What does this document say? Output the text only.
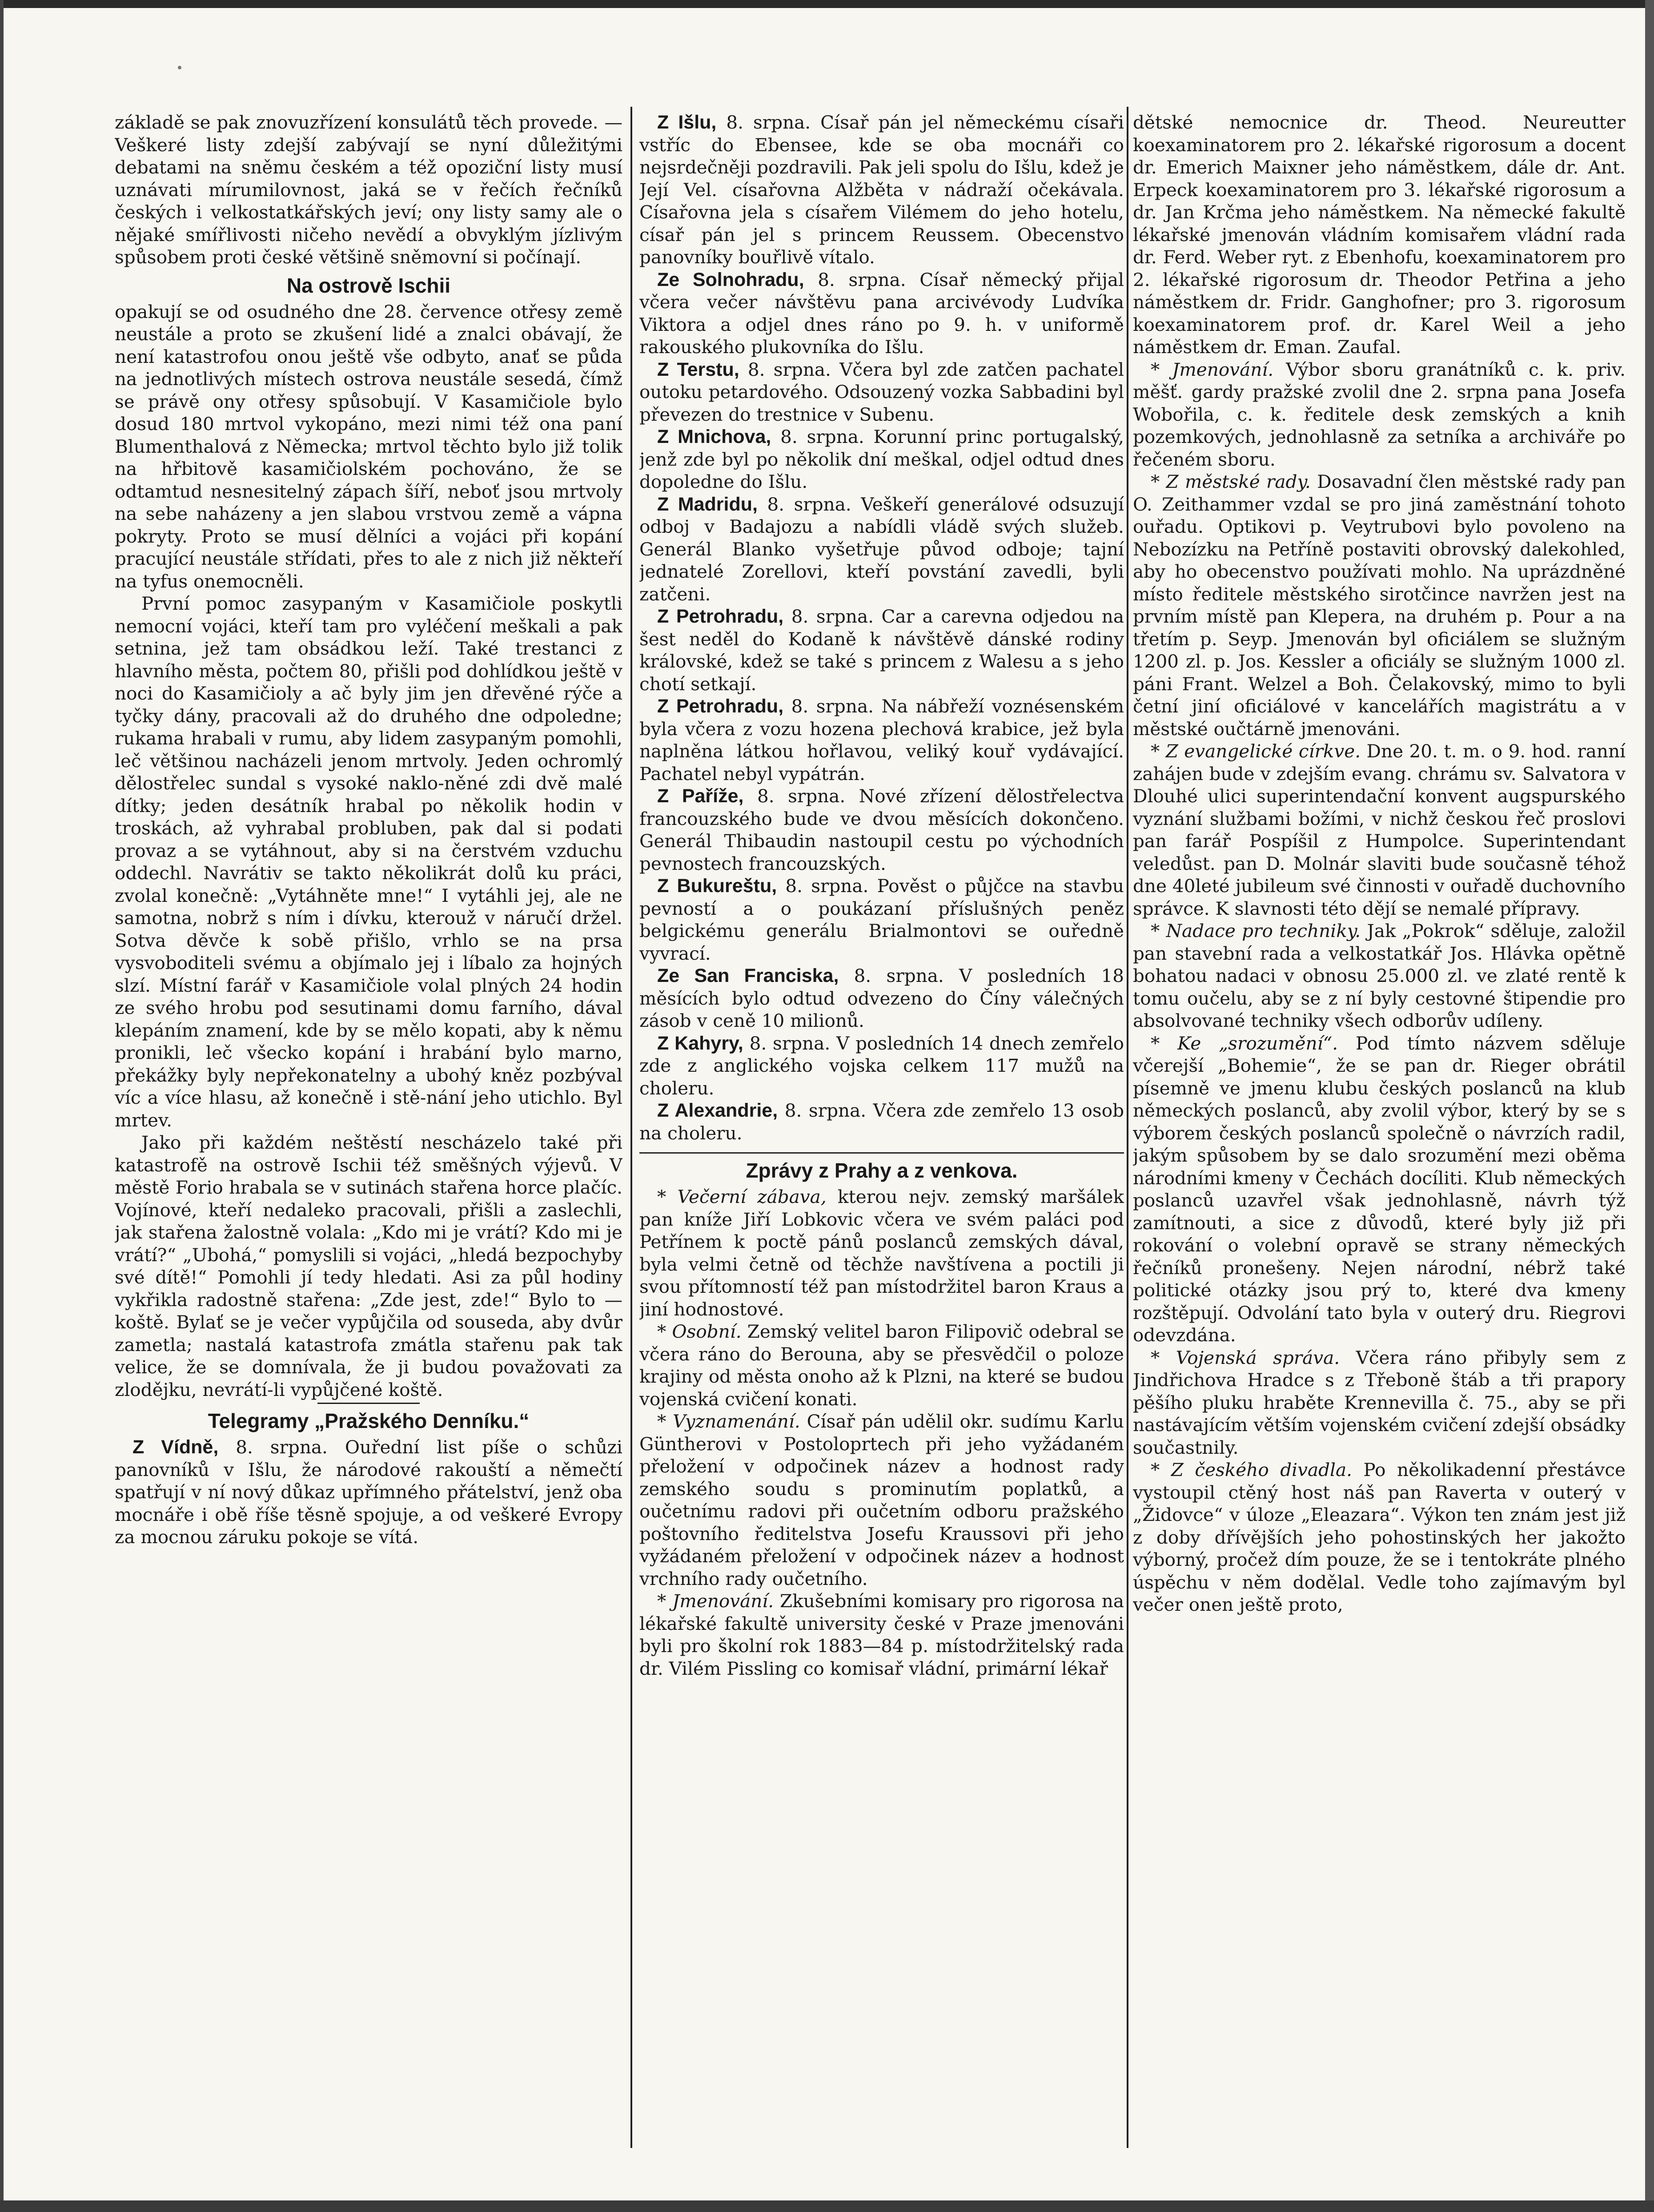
základě se pak znovuzřízení konsulátů těch provede. — Veškeré listy zdejší zabývají se nyní důležitými debatami na sněmu českém a též opoziční listy musí uznávati mírumilovnost, jaká se v řečích řečníků českých i velkostatkářských jeví; ony listy samy ale o nějaké smířlivosti ničeho nevědí a obvyklým jízlivým spůsobem proti české většině sněmovní si počínají.

Na ostrově Ischii

opakují se od osudného dne 28. července otřesy země neustále a proto se zkušení lidé a znalci obávají, že není katastrofou onou ještě vše odbyto, anať se půda na jednotlivých místech ostrova neustále sesedá, čímž se právě ony otřesy spůsobují. V Kasamičiole bylo dosud 180 mrtvol vykopáno, mezi nimi též ona paní Blumenthalová z Německa; mrtvol těchto bylo již tolik na hřbitově kasamičiolském pochováno, že se odtamtud nesnesitelný zápach šíří, neboť jsou mrtvoly na sebe naházeny a jen slabou vrstvou země a vápna pokryty. Proto se musí dělníci a vojáci při kopání pracující neustále střídati, přes to ale z nich již někteří na tyfus onemocněli.

První pomoc zasypaným v Kasamičiole poskytli nemocní vojáci, kteří tam pro vyléčení meškali a pak setnina, jež tam obsádkou leží. Také trestanci z hlavního města, počtem 80, přišli pod dohlídkou ještě v noci do Kasamičioly a ač byly jim jen dřevěné rýče a tyčky dány, pracovali až do druhého dne odpoledne; rukama hrabali v rumu, aby lidem zasypaným pomohli, leč většinou nacházeli jenom mrtvoly. Jeden ochromlý dělostřelec sundal s vysoké naklo-něné zdi dvě malé dítky; jeden desátník hrabal po několik hodin v troskách, až vyhrabal probluben, pak dal si podati provaz a se vytáhnout, aby si na čerstvém vzduchu oddechl. Navrátiv se takto několikrát dolů ku práci, zvolal konečně: „Vytáhněte mne!“ I vytáhli jej, ale ne samotna, nobrž s ním i dívku, kterouž v náručí držel. Sotva děvče k sobě přišlo, vrhlo se na prsa vysvoboditeli svému a objímalo jej i líbalo za hojných slzí. Místní farář v Kasamičiole volal plných 24 hodin ze svého hrobu pod sesutinami domu farního, dával klepáním znamení, kde by se mělo kopati, aby k němu pronikli, leč všecko kopání i hrabání bylo marno, překážky byly nepřekonatelny a ubohý kněz pozbýval víc a více hlasu, až konečně i stě-nání jeho utichlo. Byl mrtev.

Jako při každém neštěstí nescházelo také při katastrofě na ostrově Ischii též směšných výjevů. V městě Forio hrabala se v sutinách stařena horce plačíc. Vojínové, kteří nedaleko pracovali, přišli a zaslechli, jak stařena žalostně volala: „Kdo mi je vrátí? Kdo mi je vrátí?“ „Ubohá,“ pomyslili si vojáci, „hledá bezpochyby své dítě!“ Pomohli jí tedy hledati. Asi za půl hodiny vykřikla radostně stařena: „Zde jest, zde!“ Bylo to — koště. Bylať se je večer vypůjčila od souseda, aby dvůr zametla; nastalá katastrofa zmátla stařenu pak tak velice, že se domnívala, že ji budou považovati za zlodějku, nevrátí-li vypůjčené koště.

Telegramy „Pražského Denníku.“

Z Vídně, 8. srpna. Ouřední list píše o schůzi panovníků v Išlu, že národové rakouští a němečtí spatřují v ní nový důkaz upřímného přátelství, jenž oba mocnáře i obě říše těsně spojuje, a od veškeré Evropy za mocnou záruku pokoje se vítá.

Z Išlu, 8. srpna. Císař pán jel německému císaři vstříc do Ebensee, kde se oba mocnáři co nejsrdečněji pozdravili. Pak jeli spolu do Išlu, kdež je Její Vel. císařovna Alžběta v nádraží očekávala. Císařovna jela s císařem Vilémem do jeho hotelu, císař pán jel s princem Reussem. Obecenstvo panovníky bouřlivě vítalo.

Ze Solnohradu, 8. srpna. Císař německý přijal včera večer návštěvu pana arcivévody Ludvíka Viktora a odjel dnes ráno po 9. h. v uniformě rakouského plukovníka do Išlu.

Z Terstu, 8. srpna. Včera byl zde zatčen pachatel outoku petardového. Odsouzený vozka Sabbadini byl převezen do trestnice v Subenu.

Z Mnichova, 8. srpna. Korunní princ portugalský, jenž zde byl po několik dní meškal, odjel odtud dnes dopoledne do Išlu.

Z Madridu, 8. srpna. Veškeří generálové odsuzují odboj v Badajozu a nabídli vládě svých služeb. Generál Blanko vyšetřuje původ odboje; tajní jednatelé Zorellovi, kteří povstání zavedli, byli zatčeni.

Z Petrohradu, 8. srpna. Car a carevna odjedou na šest neděl do Kodaně k návštěvě dánské rodiny královské, kdež se také s princem z Walesu a s jeho chotí setkají.

Z Petrohradu, 8. srpna. Na nábřeží voznésenském byla včera z vozu hozena plechová krabice, jež byla naplněna látkou hořlavou, veliký kouř vydávající. Pachatel nebyl vypátrán.

Z Paříže, 8. srpna. Nové zřízení dělostřelectva francouzského bude ve dvou měsících dokončeno. Generál Thibaudin nastoupil cestu po východních pevnostech francouzských.

Z Bukureštu, 8. srpna. Pověst o půjčce na stavbu pevností a o poukázaní příslušných peněz belgickému generálu Brialmontovi se ouředně vyvrací.

Ze San Franciska, 8. srpna. V posledních 18 měsících bylo odtud odvezeno do Číny válečných zásob v ceně 10 milionů.

Z Kahyry, 8. srpna. V posledních 14 dnech zemřelo zde z anglického vojska celkem 117 mužů na choleru.

Z Alexandrie, 8. srpna. Včera zde zemřelo 13 osob na choleru.

Zprávy z Prahy a z venkova.

* Večerní zábava, kterou nejv. zemský maršálek pan kníže Jiří Lobkovic včera ve svém paláci pod Petřínem k poctě pánů poslanců zemských dával, byla velmi četně od těchže navštívena a poctili ji svou přítomností též pan místodržitel baron Kraus a jiní hodnostové.

* Osobní. Zemský velitel baron Filipovič odebral se včera ráno do Berouna, aby se přesvědčil o poloze krajiny od města onoho až k Plzni, na které se budou vojenská cvičení konati.

* Vyznamenání. Císař pán udělil okr. sudímu Karlu Güntherovi v Postoloprtech při jeho vyžádaném přeložení v odpočinek název a hodnost rady zemského soudu s prominutím poplatků, a oučetnímu radovi při oučetním odboru pražského poštovního ředitelstva Josefu Kraussovi při jeho vyžádaném přeložení v odpočinek název a hodnost vrchního rady oučetního.

* Jmenování. Zkušebními komisary pro rigorosa na lékařské fakultě university české v Praze jmenováni byli pro školní rok 1883—84 p. místodržitelský rada dr. Vilém Pissling co komisař vládní, primární lékař

dětské nemocnice dr. Theod. Neureutter koexaminatorem pro 2. lékařské rigorosum a docent dr. Emerich Maixner jeho náměstkem, dále dr. Ant. Erpeck koexaminatorem pro 3. lékařské rigorosum a dr. Jan Krčma jeho náměstkem. Na německé fakultě lékařské jmenován vládním komisařem vládní rada dr. Ferd. Weber ryt. z Ebenhofu, koexaminatorem pro 2. lékařské rigorosum dr. Theodor Petřina a jeho náměstkem dr. Fridr. Ganghofner; pro 3. rigorosum koexaminatorem prof. dr. Karel Weil a jeho náměstkem dr. Eman. Zaufal.

* Jmenování. Výbor sboru granátníků c. k. priv. měšť. gardy pražské zvolil dne 2. srpna pana Josefa Wobořila, c. k. ředitele desk zemských a knih pozemkových, jednohlasně za setníka a archiváře po řečeném sboru.

* Z městské rady. Dosavadní člen městské rady pan O. Zeithammer vzdal se pro jiná zaměstnání tohoto ouřadu. Optikovi p. Veytrubovi bylo povoleno na Nebozízku na Petříně postaviti obrovský dalekohled, aby ho obecenstvo používati mohlo. Na uprázdněné místo ředitele městského sirotčince navržen jest na prvním místě pan Klepera, na druhém p. Pour a na třetím p. Seyp. Jmenován byl oficiálem se služným 1200 zl. p. Jos. Kessler a oficiály se služným 1000 zl. páni Frant. Welzel a Boh. Čelakovský, mimo to byli četní jiní oficiálové v kancelářích magistrátu a v městské oučtárně jmenováni.

* Z evangelické církve. Dne 20. t. m. o 9. hod. ranní zahájen bude v zdejším evang. chrámu sv. Salvatora v Dlouhé ulici superintendační konvent augspurského vyznání službami božími, v nichž českou řeč proslovi pan farář Pospíšil z Humpolce. Superintendant veledůst. pan D. Molnár slaviti bude současně téhož dne 40leté jubileum své činnosti v ouřadě duchovního správce. K slavnosti této dějí se nemalé přípravy.

* Nadace pro techniky. Jak „Pokrok“ sděluje, založil pan stavební rada a velkostatkář Jos. Hlávka opětně bohatou nadaci v obnosu 25.000 zl. ve zlaté rentě k tomu oučelu, aby se z ní byly cestovné štipendie pro absolvované techniky všech odborův udíleny.

* Ke „srozumění“. Pod tímto názvem sděluje včerejší „Bohemie“, že se pan dr. Rieger obrátil písemně ve jmenu klubu českých poslanců na klub německých poslanců, aby zvolil výbor, který by se s výborem českých poslanců společně o návrzích radil, jakým spůsobem by se dalo srozumění mezi oběma národními kmeny v Čechách docíliti. Klub německých poslanců uzavřel však jednohlasně, návrh týž zamítnouti, a sice z důvodů, které byly již při rokování o volební opravě se strany německých řečníků pronešeny. Nejen národní, nébrž také politické otázky jsou prý to, které dva kmeny rozštěpují. Odvolání tato byla v outerý dru. Riegrovi odevzdána.

* Vojenská správa. Včera ráno přibyly sem z Jindřichova Hradce s z Třeboně štáb a tři prapory pěšího pluku hraběte Krennevilla č. 75., aby se při nastávajícím větším vojenském cvičení zdejší obsádky součastnily.

* Z českého divadla. Po několikadenní přestávce vystoupil ctěný host náš pan Raverta v outerý v „Židovce“ v úloze „Eleazara“. Výkon ten znám jest již z doby dřívějších jeho pohostinských her jakožto výborný, pročež dím pouze, že se i tentokráte plného úspěchu v něm dodělal. Vedle toho zajímavým byl večer onen ještě proto,
